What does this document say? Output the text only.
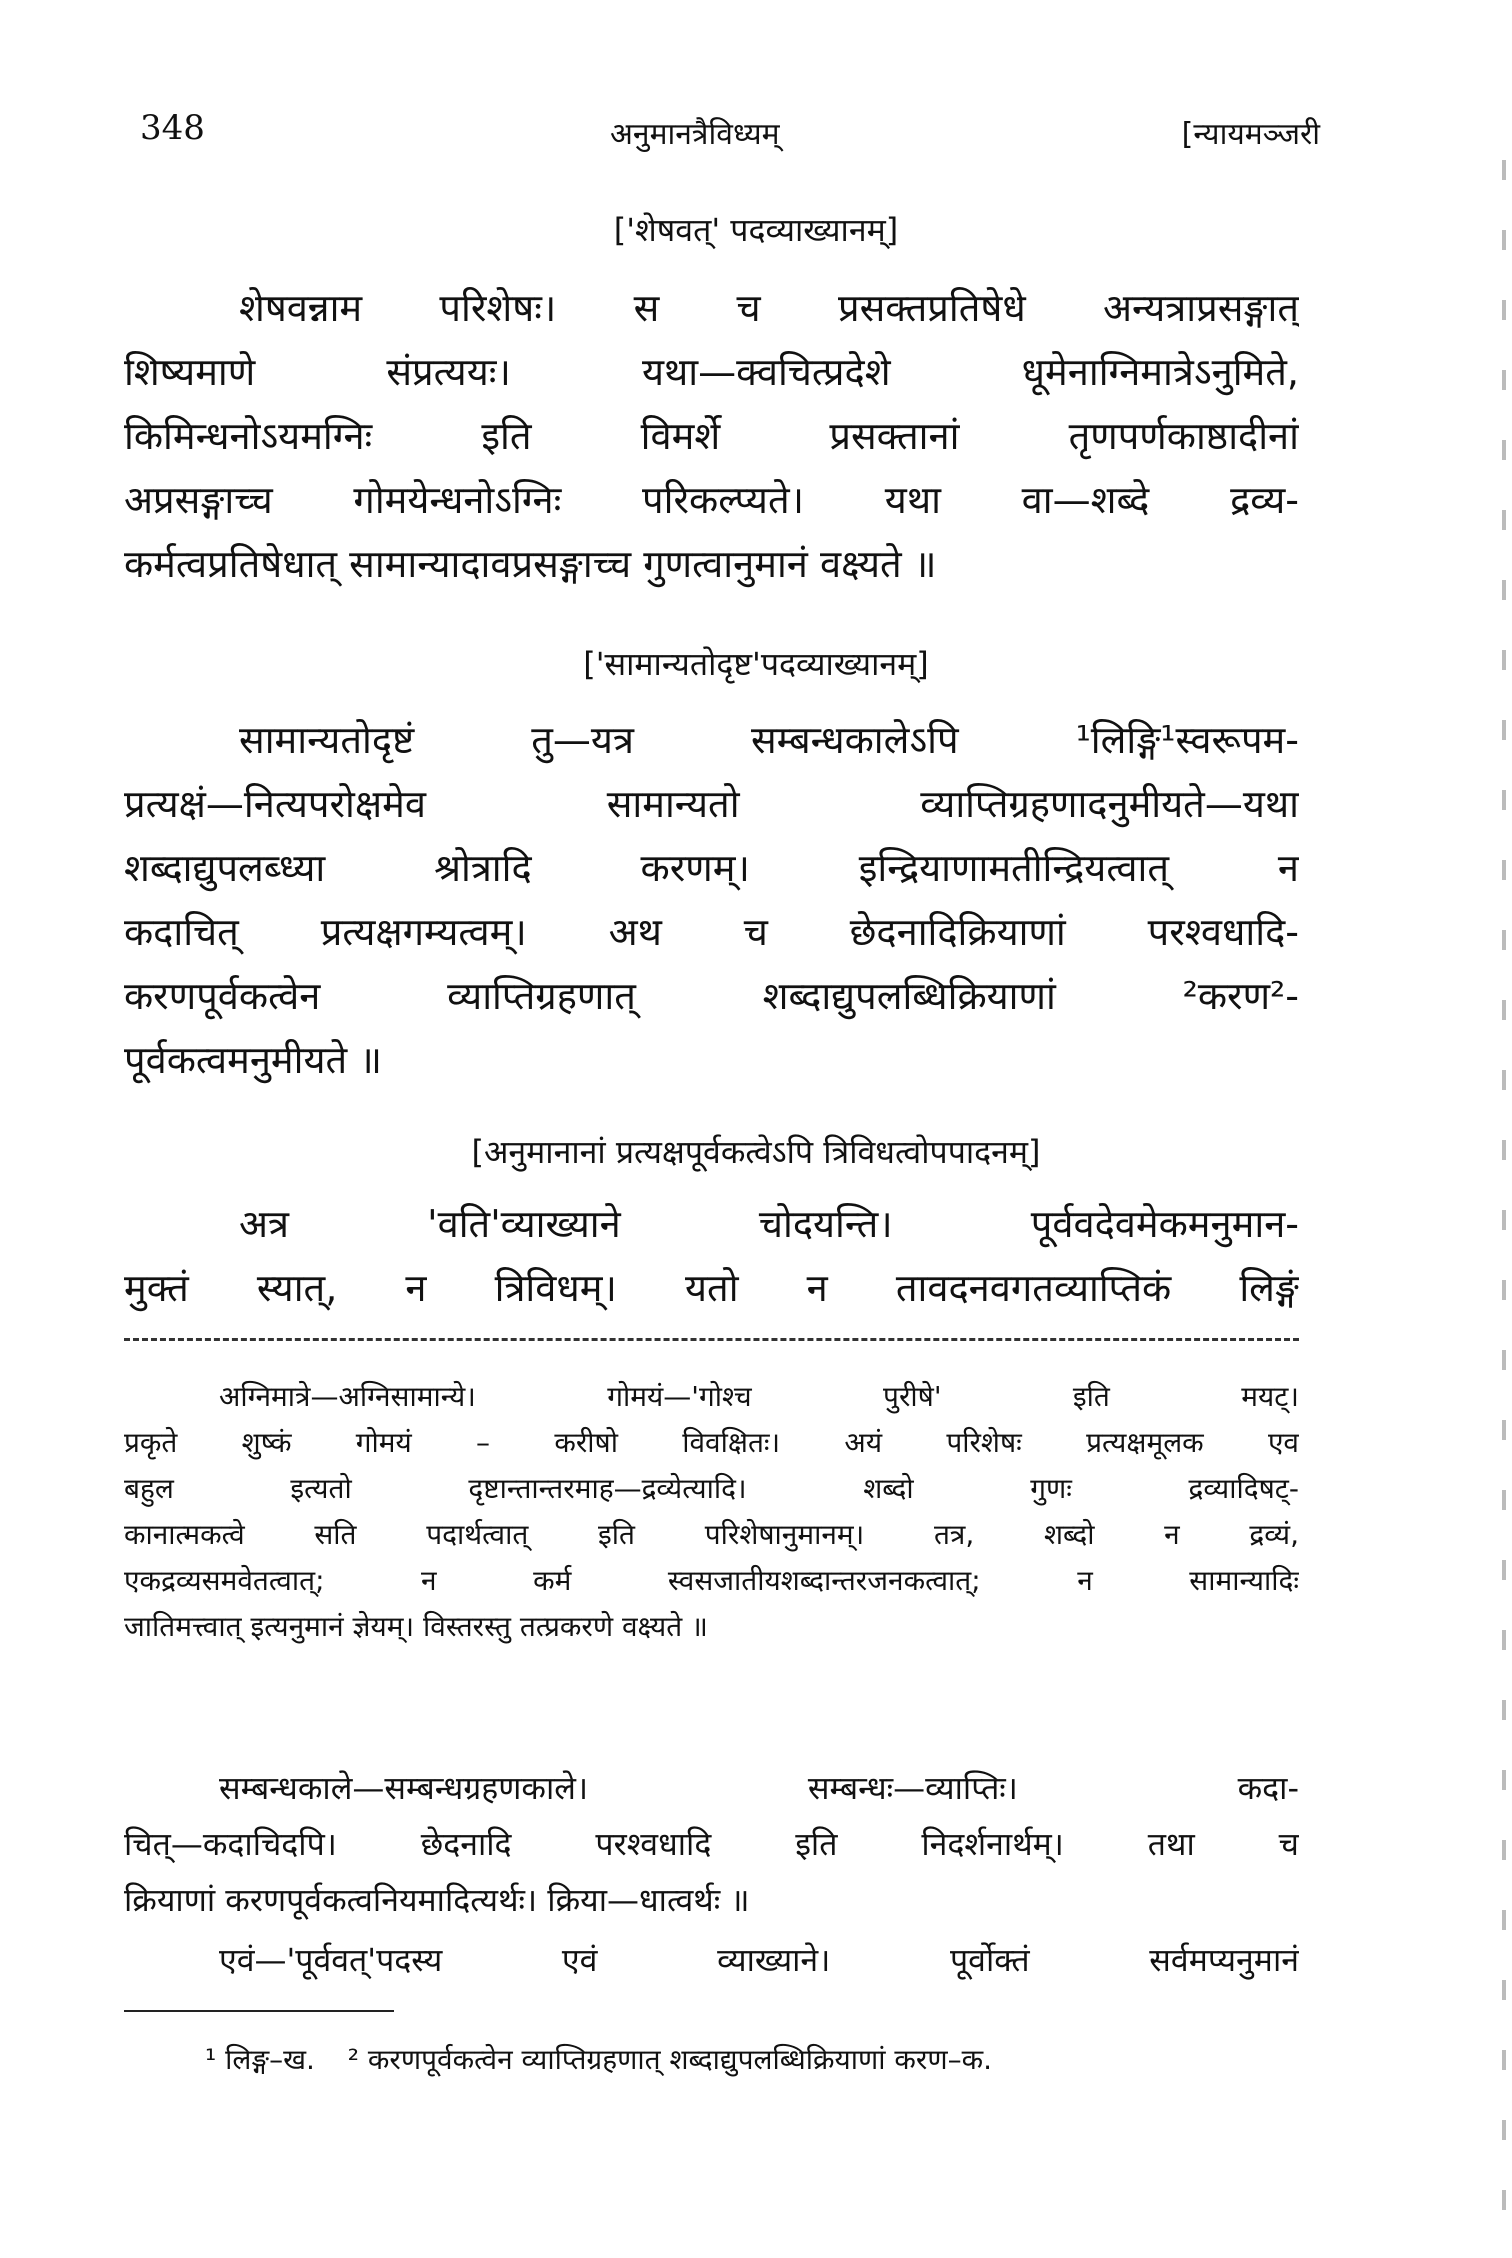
348	अनुमानत्रैविध्यम्	[न्यायमञ्जरी
['शेषवत्' पदव्याख्यानम्]
शेषवन्नाम परिशेषः। स च प्रसक्तप्रतिषेधे अन्यत्राप्रसङ्गात्
शिष्यमाणे संप्रत्ययः। यथा—क्वचित्प्रदेशे धूमेनाग्निमात्रेऽनुमिते,
किमिन्धनोऽयमग्निः इति विमर्शे प्रसक्तानां तृणपर्णकाष्ठादीनां
अप्रसङ्गाच्च गोमयेन्धनोऽग्निः परिकल्प्यते। यथा वा—शब्दे द्रव्य-
कर्मत्वप्रतिषेधात् सामान्यादावप्रसङ्गाच्च गुणत्वानुमानं वक्ष्यते ॥
['सामान्यतोदृष्ट'पदव्याख्यानम्]
सामान्यतोदृष्टं तु—यत्र सम्बन्धकालेऽपि ¹लिङ्गि¹स्वरूपम-
प्रत्यक्षं—नित्यपरोक्षमेव सामान्यतो व्याप्तिग्रहणादनुमीयते—यथा
शब्दाद्युपलब्ध्या श्रोत्रादि करणम्। इन्द्रियाणामतीन्द्रियत्वात् न
कदाचित् प्रत्यक्षगम्यत्वम्। अथ च छेदनादिक्रियाणां परश्वधादि-
करणपूर्वकत्वेन व्याप्तिग्रहणात् शब्दाद्युपलब्धिक्रियाणां ²करण²-
पूर्वकत्वमनुमीयते ॥
[अनुमानानां प्रत्यक्षपूर्वकत्वेऽपि त्रिविधत्वोपपादनम्]
अत्र 'वति'व्याख्याने चोदयन्ति। पूर्ववदेवमेकमनुमान-
मुक्तं स्यात्, न त्रिविधम्। यतो न तावदनवगतव्याप्तिकं लिङ्गं
अग्निमात्रे—अग्निसामान्ये। गोमयं—'गोश्च पुरीषे' इति मयट्।
प्रकृते शुष्कं गोमयं – करीषो विवक्षितः। अयं परिशेषः प्रत्यक्षमूलक एव
बहुल इत्यतो दृष्टान्तान्तरमाह—द्रव्येत्यादि। शब्दो गुणः द्रव्यादिषट्-
कानात्मकत्वे सति पदार्थत्वात् इति परिशेषानुमानम्। तत्र, शब्दो न द्रव्यं,
एकद्रव्यसमवेतत्वात्; न कर्म स्वसजातीयशब्दान्तरजनकत्वात्; न सामान्यादिः
जातिमत्त्वात् इत्यनुमानं ज्ञेयम्। विस्तरस्तु तत्प्रकरणे वक्ष्यते ॥
सम्बन्धकाले—सम्बन्धग्रहणकाले। सम्बन्धः—व्याप्तिः। कदा-
चित्—कदाचिदपि। छेदनादि परश्वधादि इति निदर्शनार्थम्। तथा च
क्रियाणां करणपूर्वकत्वनियमादित्यर्थः। क्रिया—धात्वर्थः ॥
एवं—'पूर्ववत्'पदस्य एवं व्याख्याने। पूर्वोक्तं सर्वमप्यनुमानं
¹ लिङ्ग–ख. ² करणपूर्वकत्वेन व्याप्तिग्रहणात् शब्दाद्युपलब्धिक्रियाणां करण–क.
